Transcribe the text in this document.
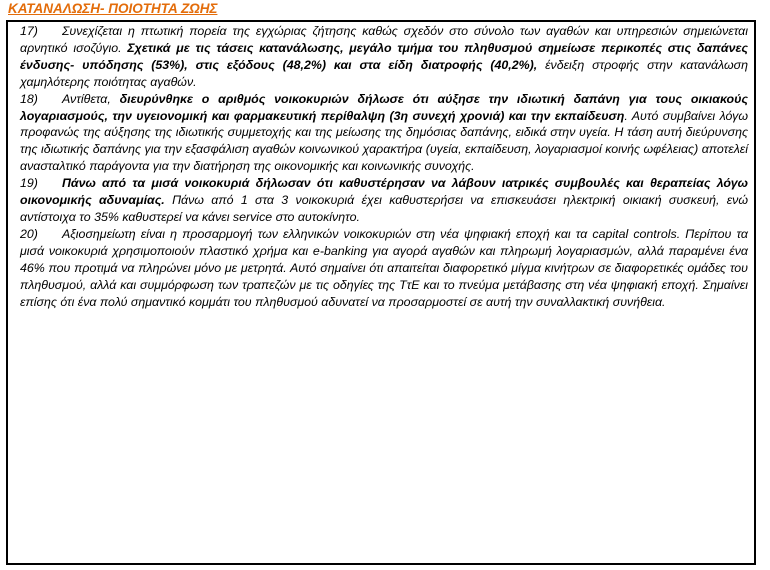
ΚΑΤΑΝΑΛΩΣΗ- ΠΟΙΟΤΗΤΑ ΖΩΗΣ

17) Συνεχίζεται η πτωτική πορεία της εγχώριας ζήτησης καθώς σχεδόν στο σύνολο των αγαθών και υπηρεσιών σημειώνεται αρνητικό ισοζύγιο. Σχετικά με τις τάσεις κατανάλωσης, μεγάλο τμήμα του πληθυσμού σημείωσε περικοπές στις δαπάνες ένδυσης- υπόδησης (53%), στις εξόδους (48,2%) και στα είδη διατροφής (40,2%), ένδειξη στροφής στην κατανάλωση χαμηλότερης ποιότητας αγαθών.

18) Αντίθετα, διευρύνθηκε ο αριθμός νοικοκυριών δήλωσε ότι αύξησε την ιδιωτική δαπάνη για τους οικιακούς λογαριασμούς, την υγειονομική και φαρμακευτική περίθαλψη (3η συνεχή χρονιά) και την εκπαίδευση. Αυτό συμβαίνει λόγω προφανώς της αύξησης της ιδιωτικής συμμετοχής και της μείωσης της δημόσιας δαπάνης, ειδικά στην υγεία. Η τάση αυτή διεύρυνσης της ιδιωτικής δαπάνης για την εξασφάλιση αγαθών κοινωνικού χαρακτήρα (υγεία, εκπαίδευση, λογαριασμοί κοινής ωφέλειας) αποτελεί ανασταλτικό παράγοντα για την διατήρηση της οικονομικής και κοινωνικής συνοχής.

19) Πάνω από τα μισά νοικοκυριά δήλωσαν ότι καθυστέρησαν να λάβουν ιατρικές συμβουλές και θεραπείας λόγω οικονομικής αδυναμίας. Πάνω από 1 στα 3 νοικοκυριά έχει καθυστερήσει να επισκευάσει ηλεκτρική οικιακή συσκευή, ενώ αντίστοιχα το 35% καθυστερεί να κάνει service στο αυτοκίνητο.

20) Αξιοσημείωτη είναι η προσαρμογή των ελληνικών νοικοκυριών στη νέα ψηφιακή εποχή και τα capital controls. Περίπου τα μισά νοικοκυριά χρησιμοποιούν πλαστικό χρήμα και e-banking για αγορά αγαθών και πληρωμή λογαριασμών, αλλά παραμένει ένα 46% που προτιμά να πληρώνει μόνο με μετρητά. Αυτό σημαίνει ότι απαιτείται διαφορετικό μίγμα κινήτρων σε διαφορετικές ομάδες του πληθυσμού, αλλά και συμμόρφωση των τραπεζών με τις οδηγίες της ΤτΕ και το πνεύμα μετάβασης στη νέα ψηφιακή εποχή. Σημαίνει επίσης ότι ένα πολύ σημαντικό κομμάτι του πληθυσμού αδυνατεί να προσαρμοστεί σε αυτή την συναλλακτική συνήθεια.
